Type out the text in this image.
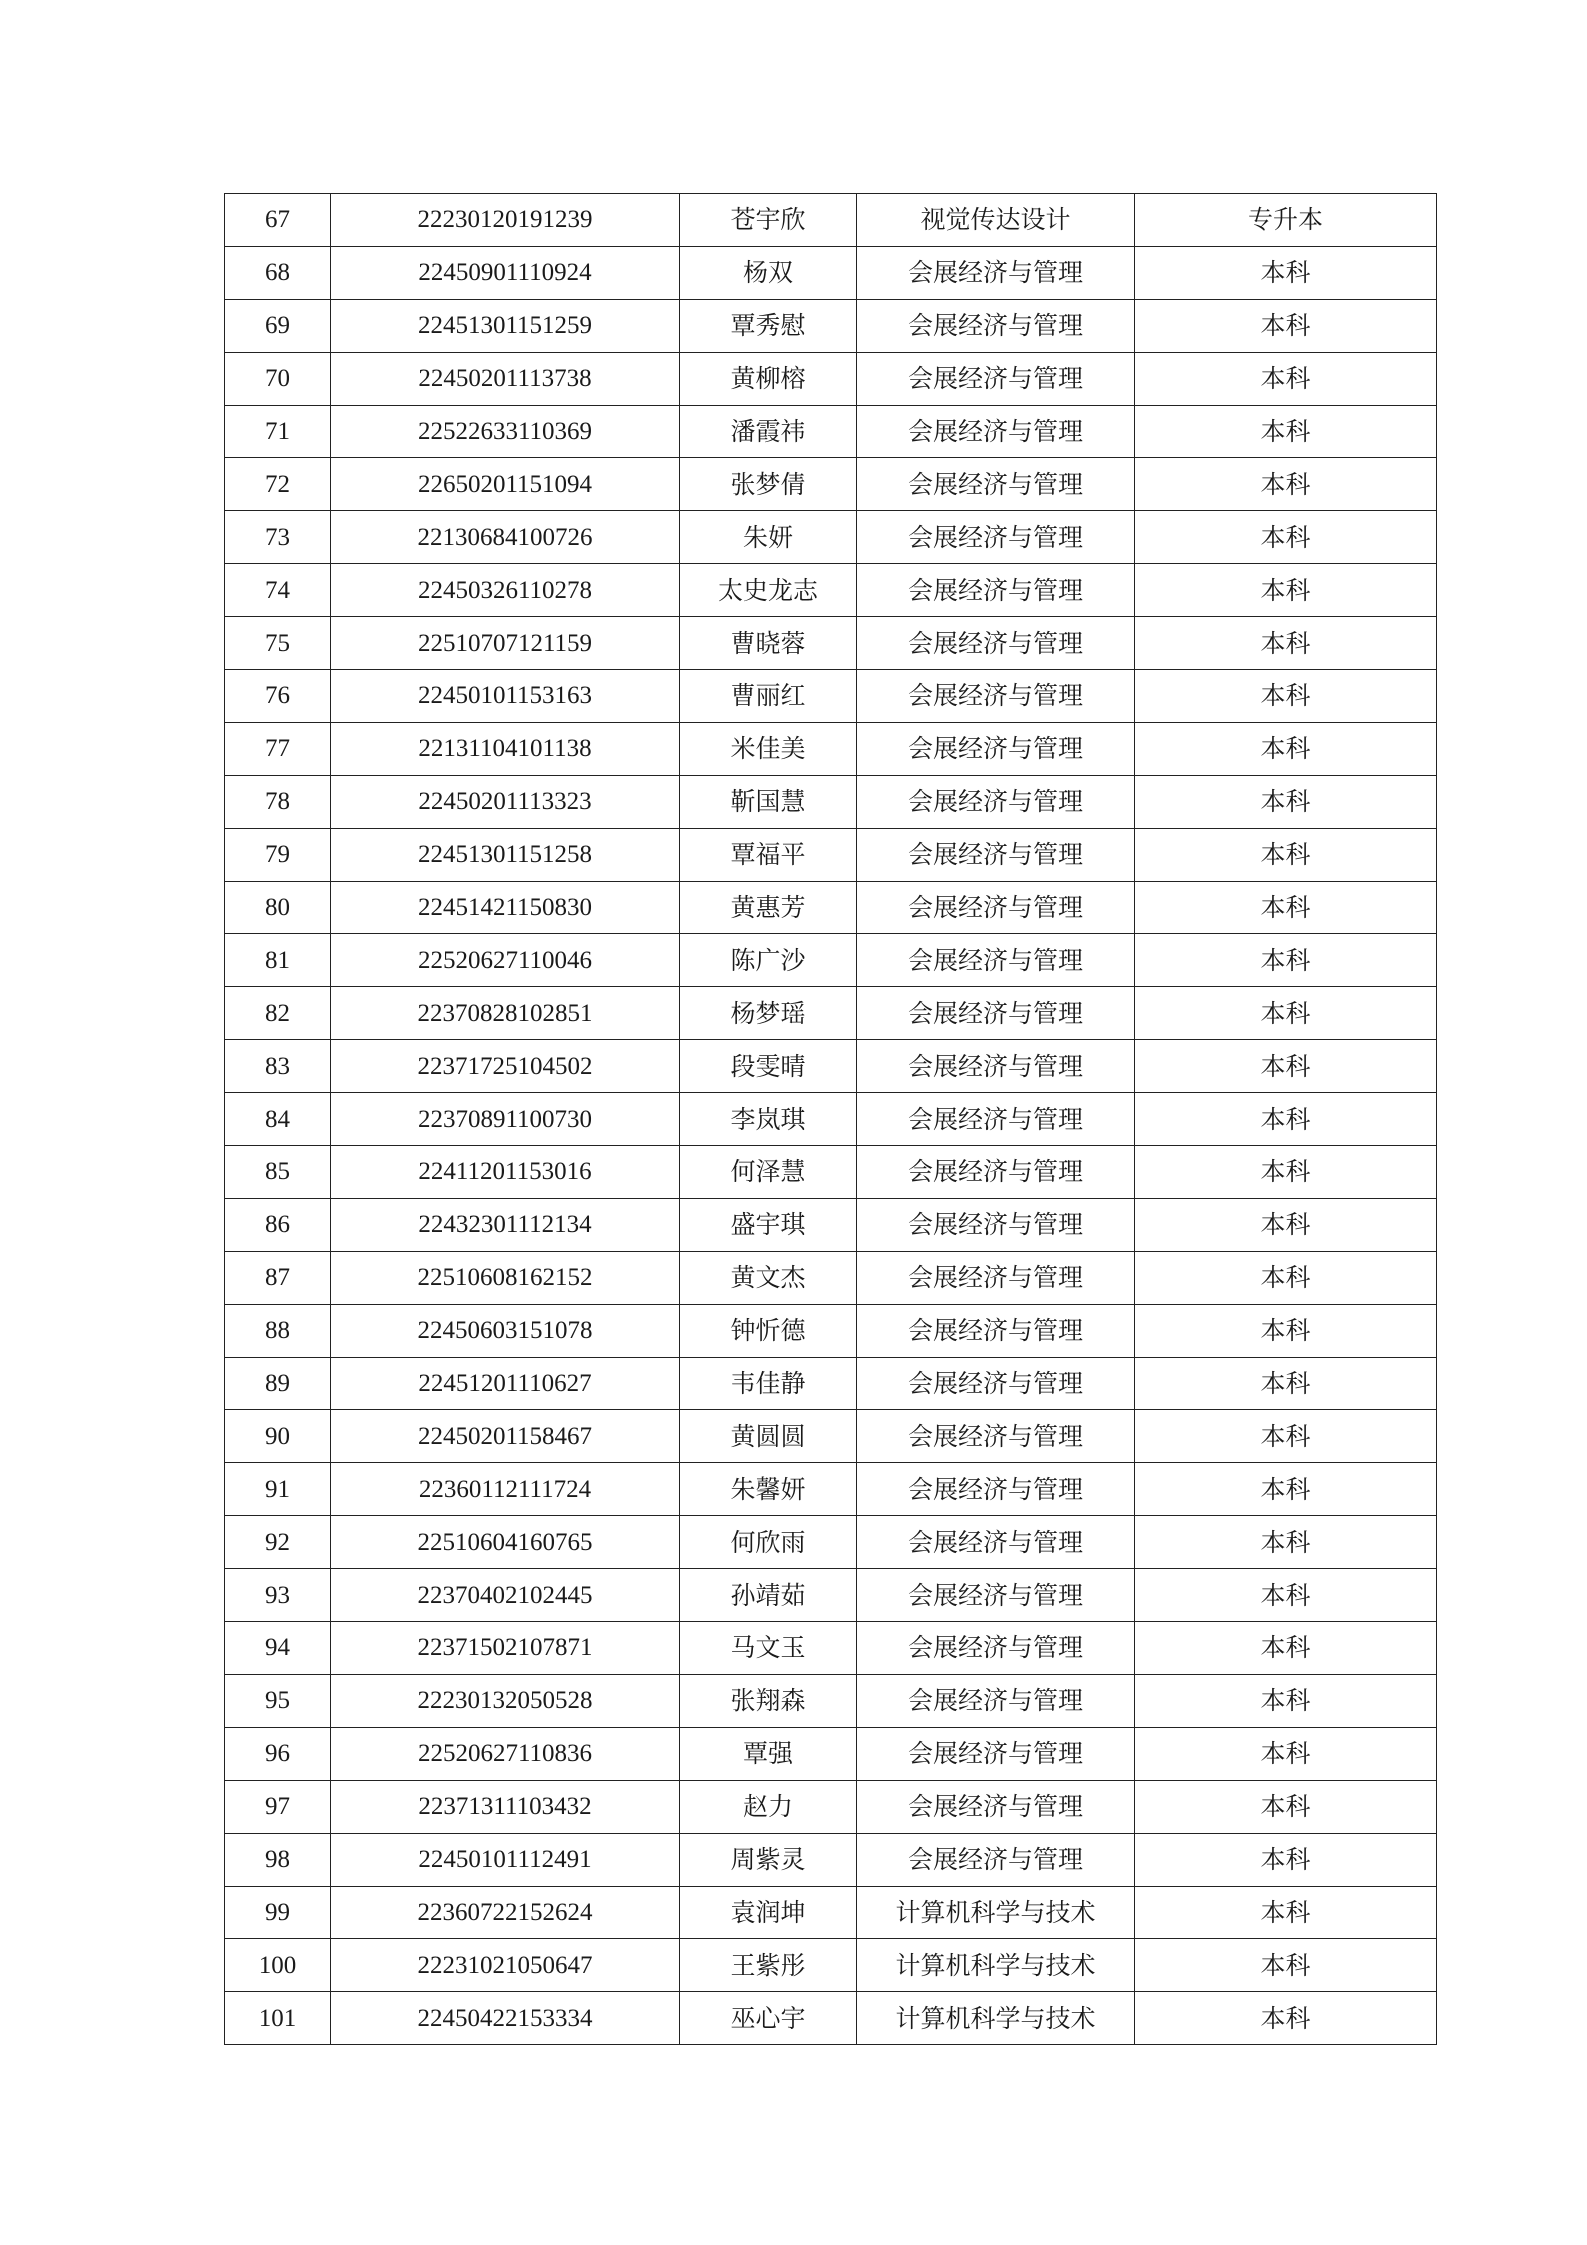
67	22230120191239	苍宇欣	视觉传达设计	专升本
68	22450901110924	杨双	会展经济与管理	本科
69	22451301151259	覃秀慰	会展经济与管理	本科
70	22450201113738	黄柳榕	会展经济与管理	本科
71	22522633110369	潘霞祎	会展经济与管理	本科
72	22650201151094	张梦倩	会展经济与管理	本科
73	22130684100726	朱妍	会展经济与管理	本科
74	22450326110278	太史龙志	会展经济与管理	本科
75	22510707121159	曹晓蓉	会展经济与管理	本科
76	22450101153163	曹丽红	会展经济与管理	本科
77	22131104101138	米佳美	会展经济与管理	本科
78	22450201113323	靳国慧	会展经济与管理	本科
79	22451301151258	覃福平	会展经济与管理	本科
80	22451421150830	黄惠芳	会展经济与管理	本科
81	22520627110046	陈广沙	会展经济与管理	本科
82	22370828102851	杨梦瑶	会展经济与管理	本科
83	22371725104502	段雯晴	会展经济与管理	本科
84	22370891100730	李岚琪	会展经济与管理	本科
85	22411201153016	何泽慧	会展经济与管理	本科
86	22432301112134	盛宇琪	会展经济与管理	本科
87	22510608162152	黄文杰	会展经济与管理	本科
88	22450603151078	钟忻德	会展经济与管理	本科
89	22451201110627	韦佳静	会展经济与管理	本科
90	22450201158467	黄圆圆	会展经济与管理	本科
91	22360112111724	朱馨妍	会展经济与管理	本科
92	22510604160765	何欣雨	会展经济与管理	本科
93	22370402102445	孙靖茹	会展经济与管理	本科
94	22371502107871	马文玉	会展经济与管理	本科
95	22230132050528	张翔森	会展经济与管理	本科
96	22520627110836	覃强	会展经济与管理	本科
97	22371311103432	赵力	会展经济与管理	本科
98	22450101112491	周紫灵	会展经济与管理	本科
99	22360722152624	袁润坤	计算机科学与技术	本科
100	22231021050647	王紫彤	计算机科学与技术	本科
101	22450422153334	巫心宇	计算机科学与技术	本科
